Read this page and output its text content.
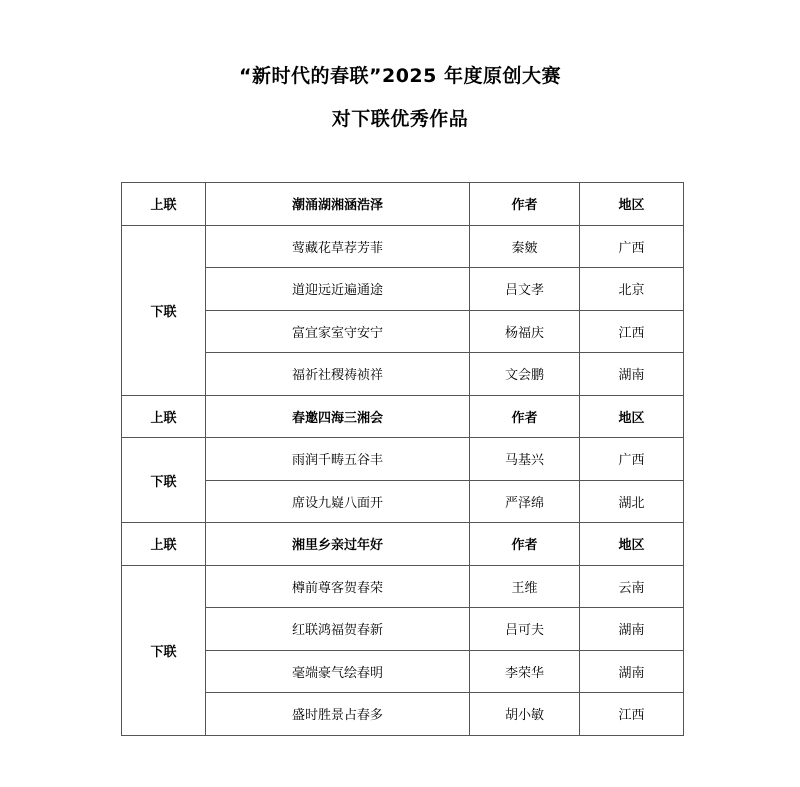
“新时代的春联”2025 年度原创大赛
对下联优秀作品
上联	潮涌湖湘涵浩泽	作者	地区
下联	莺藏花草荐芳菲	秦皴	广西
	道迎远近遍通途	吕文孝	北京
	富宜家室守安宁	杨福庆	江西
	福祈社稷祷祯祥	文会鹏	湖南
上联	春邀四海三湘会	作者	地区
下联	雨润千畴五谷丰	马基兴	广西
	席设九嶷八面开	严泽绵	湖北
上联	湘里乡亲过年好	作者	地区
下联	樽前尊客贺春荣	王维	云南
	红联鸿福贺春新	吕可夫	湖南
	毫端豪气绘春明	李荣华	湖南
	盛时胜景占春多	胡小敏	江西
